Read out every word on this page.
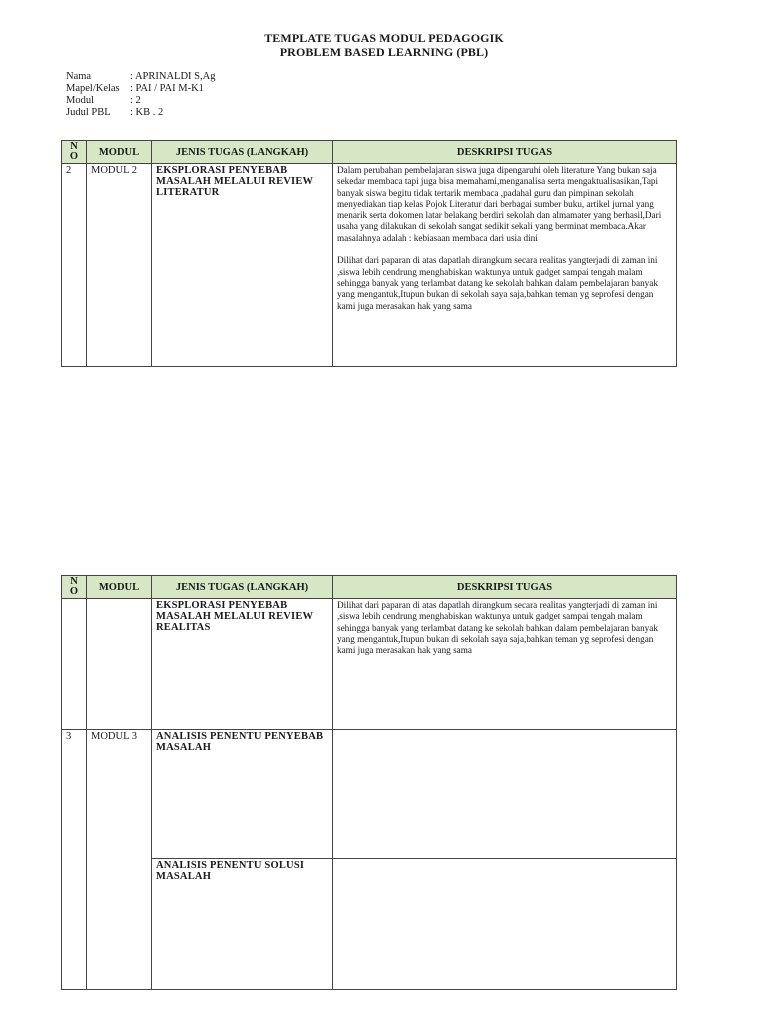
TEMPLATE TUGAS MODUL PEDAGOGIK
PROBLEM BASED LEARNING (PBL)
Nama	: APRINALDI S,Ag
Mapel/Kelas : PAI / PAI M-K1
Modul	: 2
Judul PBL	: KB . 2
N
O	MODUL	JENIS TUGAS (LANGKAH)	DESKRIPSI TUGAS
2	MODUL 2	EKSPLORASI PENYEBAB MASALAH MELALUI REVIEW LITERATUR	Dalam perubahan pembelajaran siswa juga dipengaruhi oleh literature Yang bukan saja sekedar membaca tapi juga bisa memahami,menganalisa serta mengaktualisasikan,Tapi banyak siswa begitu tidak tertarik membaca ,padahal guru dan pimpinan sekolah menyediakan tiap kelas Pojok Literatur dari berbagai sumber buku, artikel jurnal yang menarik serta dokomen latar belakang berdiri sekolah dan almamater yang berhasil,Dari usaha yang dilakukan di sekolah sangat sedikit sekali yang berminat membaca.Akar masalahnya adalah : kebiasaan membaca dari usia dini

Dilihat dari paparan di atas dapatlah dirangkum secara realitas yangterjadi di zaman ini ,siswa lebih cendrung menghabiskan waktunya untuk gadget sampai tengah malam sehingga banyak yang terlambat datang ke sekolah bahkan dalam pembelajaran banyak yang mengantuk,Itupun bukan di sekolah saya saja,bahkan teman yg seprofesi dengan kami juga merasakan hak yang sama

N
O	MODUL	JENIS TUGAS (LANGKAH)	DESKRIPSI TUGAS
		EKSPLORASI PENYEBAB MASALAH MELALUI REVIEW REALITAS	Dilihat dari paparan di atas dapatlah dirangkum secara realitas yangterjadi di zaman ini ,siswa lebih cendrung menghabiskan waktunya untuk gadget sampai tengah malam sehingga banyak yang terlambat datang ke sekolah bahkan dalam pembelajaran banyak yang mengantuk,Itupun bukan di sekolah saya saja,bahkan teman yg seprofesi dengan kami juga merasakan hak yang sama
3	MODUL 3	ANALISIS PENENTU PENYEBAB MASALAH	
		ANALISIS PENENTU SOLUSI MASALAH	
